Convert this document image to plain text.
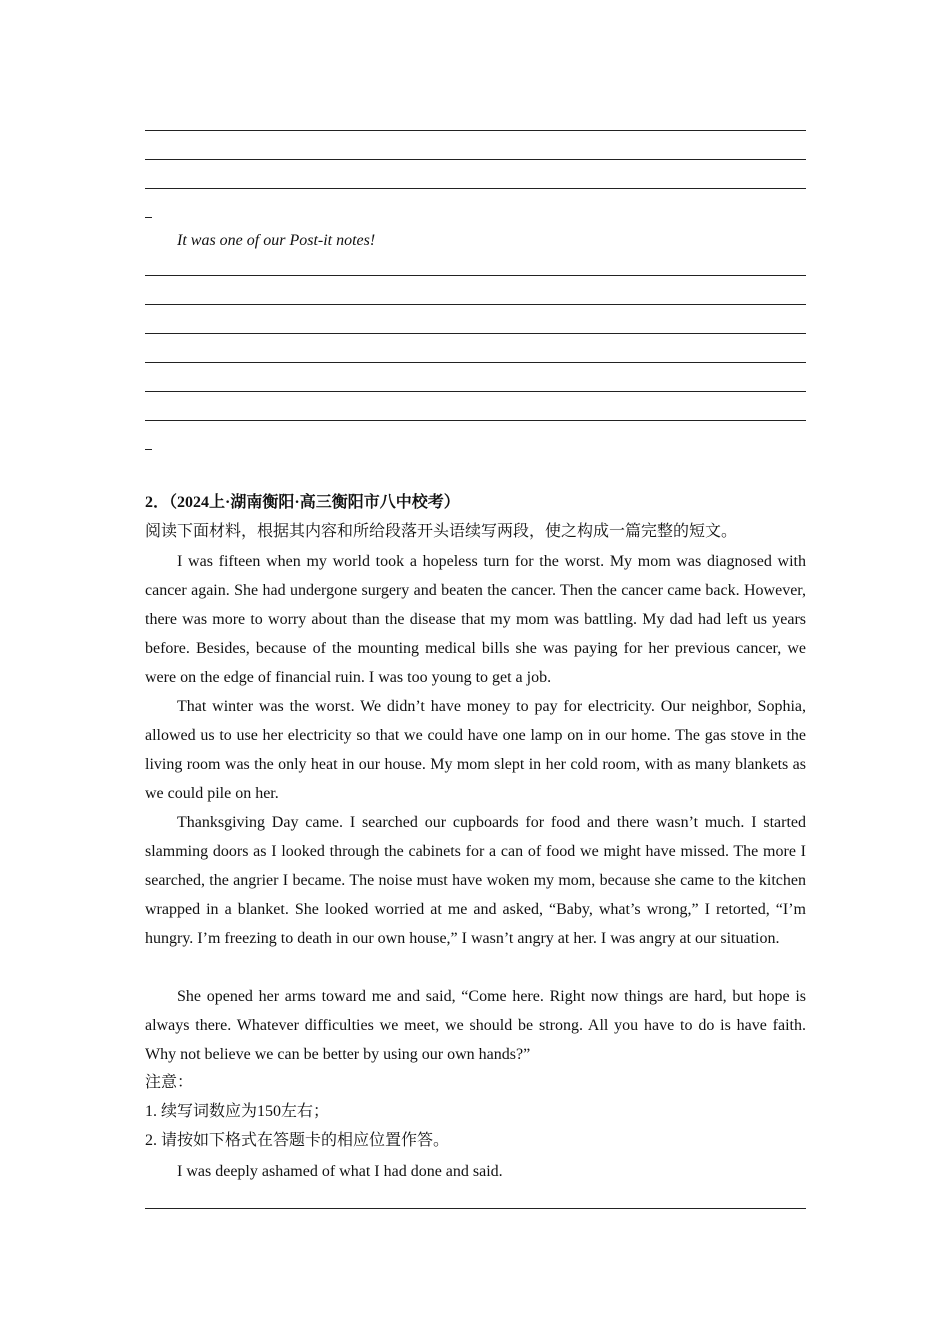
It was one of our Post-it notes!
2．（2024上·湖南衡阳·高三衡阳市八中校考）
阅读下面材料，根据其内容和所给段落开头语续写两段，使之构成一篇完整的短文。

I was fifteen when my world took a hopeless turn for the worst. My mom was diagnosed with cancer again. She had undergone surgery and beaten the cancer. Then the cancer came back. However, there was more to worry about than the disease that my mom was battling. My dad had left us years before. Besides, because of the mounting medical bills she was paying for her previous cancer, we were on the edge of financial ruin. I was too young to get a job.

That winter was the worst. We didn’t have money to pay for electricity. Our neighbor, Sophia, allowed us to use her electricity so that we could have one lamp on in our home. The gas stove in the living room was the only heat in our house. My mom slept in her cold room, with as many blankets as we could pile on her.

Thanksgiving Day came. I searched our cupboards for food and there wasn’t much. I started slamming doors as I looked through the cabinets for a can of food we might have missed. The more I searched, the angrier I became. The noise must have woken my mom, because she came to the kitchen wrapped in a blanket. She looked worried at me and asked, “Baby, what’s wrong,” I retorted, “I’m hungry. I’m freezing to death in our own house,” I wasn’t angry at her. I was angry at our situation.

She opened her arms toward me and said, “Come here. Right now things are hard, but hope is always there. Whatever difficulties we meet, we should be strong. All you have to do is have faith. Why not believe we can be better by using our own hands?”

注意：
1. 续写词数应为150左右；
2. 请按如下格式在答题卡的相应位置作答。
I was deeply ashamed of what I had done and said.
